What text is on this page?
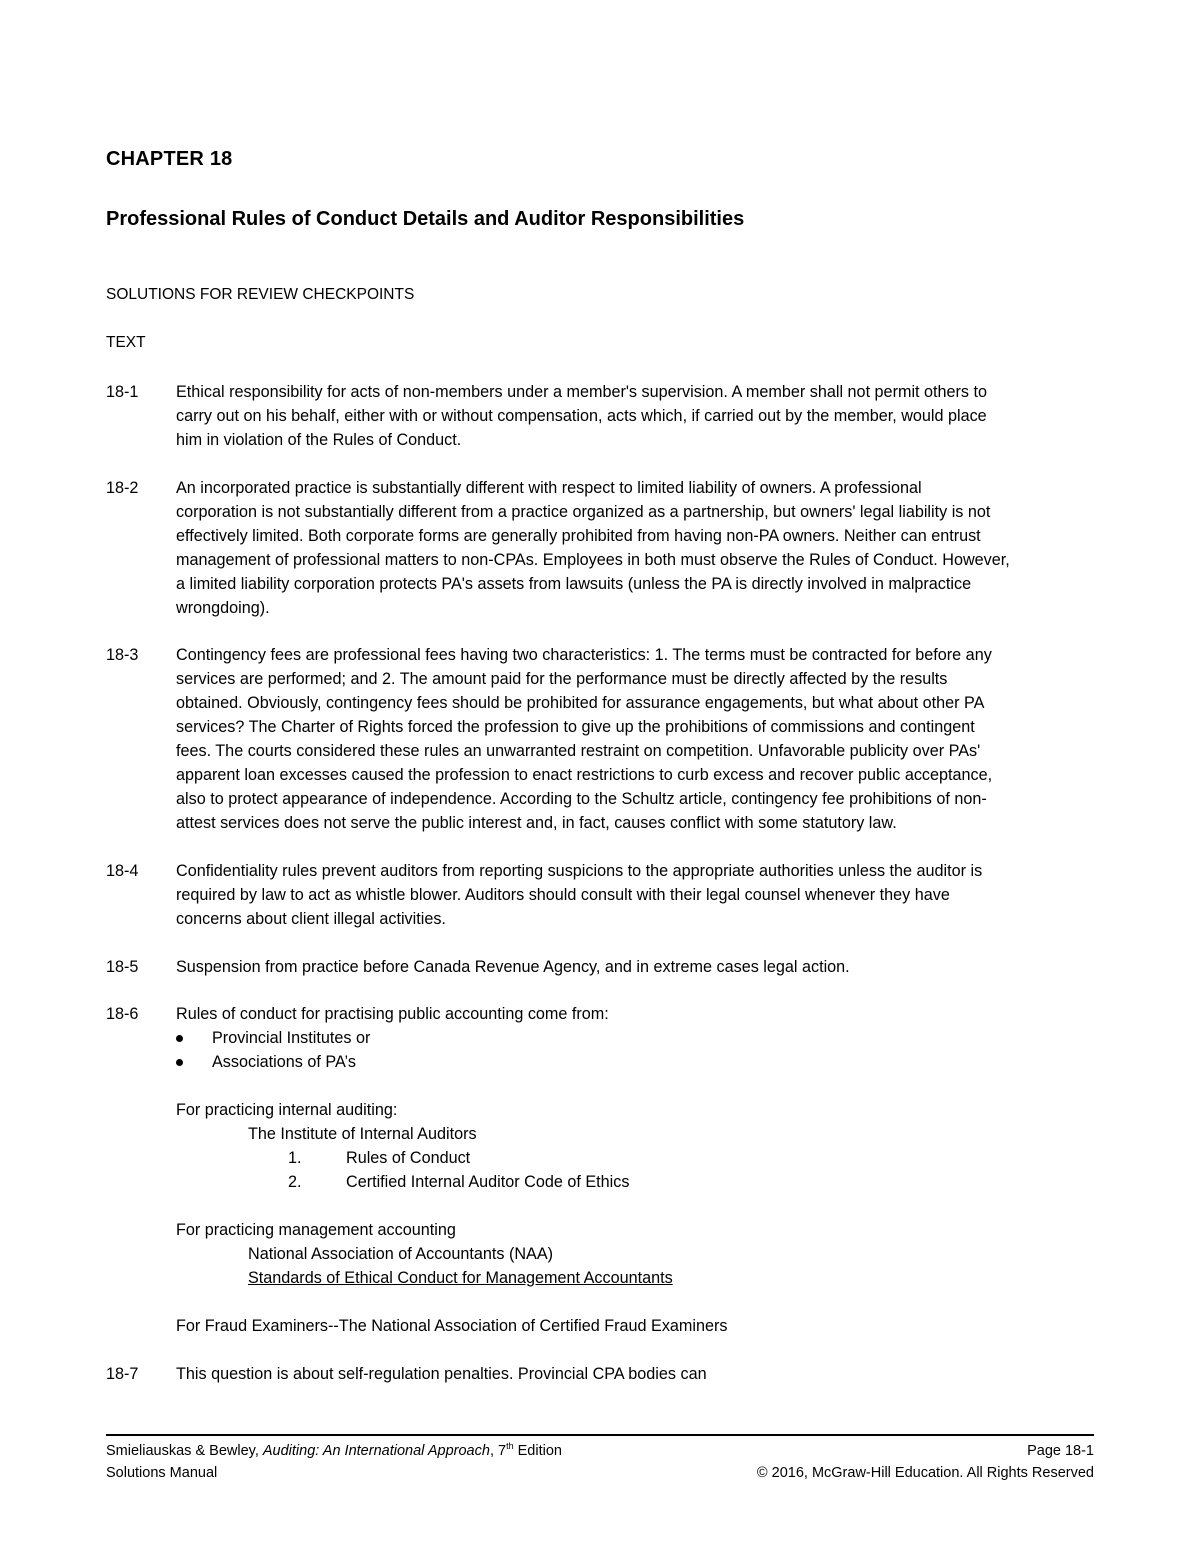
CHAPTER 18
Professional Rules of Conduct Details and Auditor Responsibilities
SOLUTIONS FOR REVIEW CHECKPOINTS
TEXT
18-1	Ethical responsibility for acts of non-members under a member's supervision. A member shall not permit others to
carry out on his behalf, either with or without compensation, acts which, if carried out by the member, would place
him in violation of the Rules of Conduct.
18-2	An incorporated practice is substantially different with respect to limited liability of owners. A professional
corporation is not substantially different from a practice organized as a partnership, but owners' legal liability is not
effectively limited. Both corporate forms are generally prohibited from having non-PA owners. Neither can entrust
management of professional matters to non-CPAs. Employees in both must observe the Rules of Conduct. However,
a limited liability corporation protects PA's assets from lawsuits (unless the PA is directly involved in malpractice
wrongdoing).
18-3	Contingency fees are professional fees having two characteristics: 1. The terms must be contracted for before any
services are performed; and 2. The amount paid for the performance must be directly affected by the results
obtained. Obviously, contingency fees should be prohibited for assurance engagements, but what about other PA
services? The Charter of Rights forced the profession to give up the prohibitions of commissions and contingent
fees. The courts considered these rules an unwarranted restraint on competition. Unfavorable publicity over PAs'
apparent loan excesses caused the profession to enact restrictions to curb excess and recover public acceptance,
also to protect appearance of independence. According to the Schultz article, contingency fee prohibitions of non-
attest services does not serve the public interest and, in fact, causes conflict with some statutory law.
18-4	Confidentiality rules prevent auditors from reporting suspicions to the appropriate authorities unless the auditor is
required by law to act as whistle blower. Auditors should consult with their legal counsel whenever they have
concerns about client illegal activities.
18-5	Suspension from practice before Canada Revenue Agency, and in extreme cases legal action.
18-6	Rules of conduct for practising public accounting come from:
Provincial Institutes or
Associations of PA’s
For practicing internal auditing:
The Institute of Internal Auditors
1.	Rules of Conduct
2.	Certified Internal Auditor Code of Ethics
For practicing management accounting
National Association of Accountants (NAA)
Standards of Ethical Conduct for Management Accountants
For Fraud Examiners--The National Association of Certified Fraud Examiners
18-7	This question is about self-regulation penalties. Provincial CPA bodies can
Smieliauskas & Bewley, Auditing: An International Approach, 7th Edition
Solutions Manual
Page 18-1
© 2016, McGraw-Hill Education. All Rights Reserved
